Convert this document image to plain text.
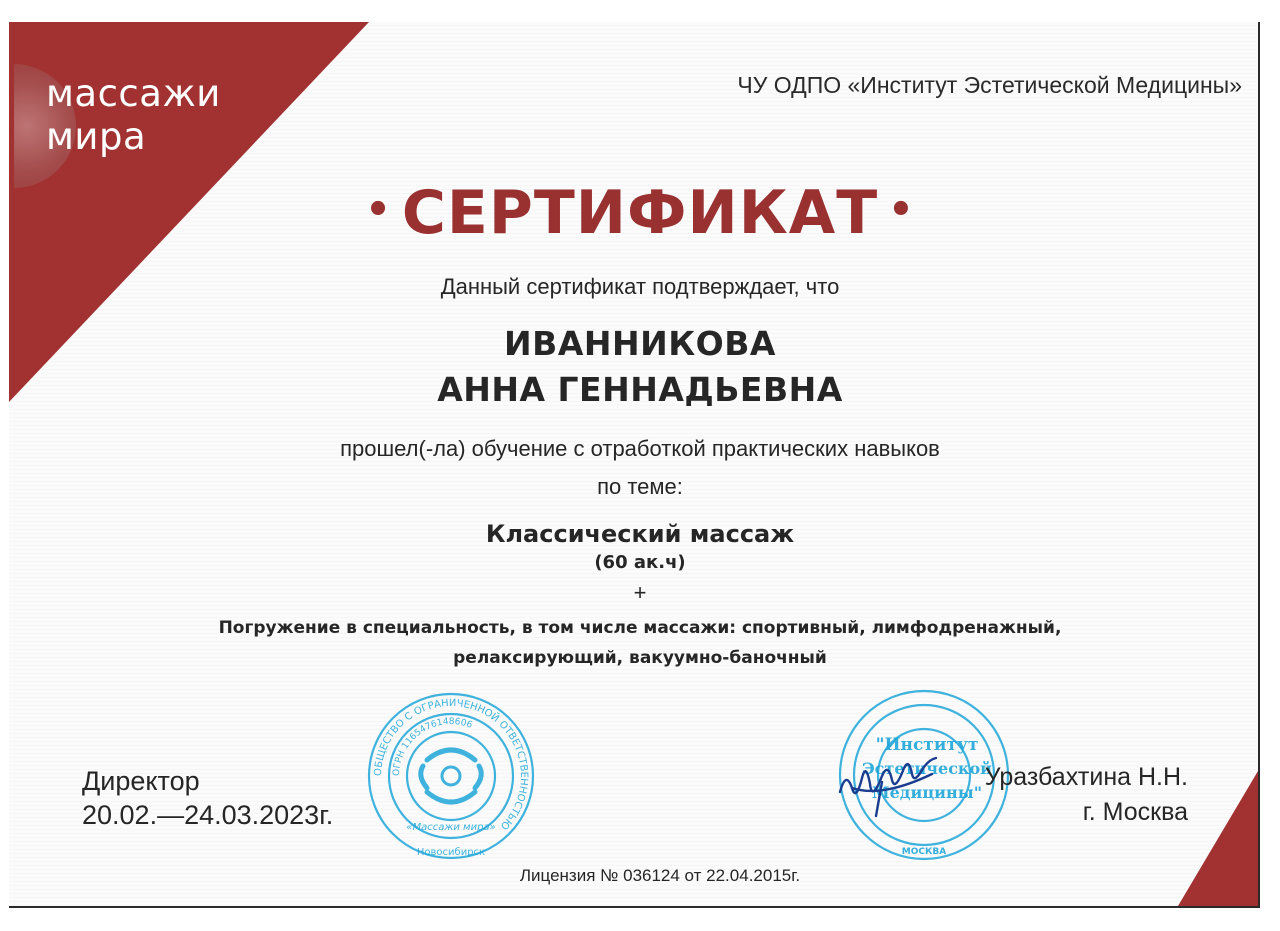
массажи
мира
ЧУ ОДПО «Институт Эстетической Медицины»
• СЕРТИФИКАТ •
Данный сертификат подтверждает, что
ИВАННИКОВА
АННА ГЕННАДЬЕВНА
прошел(-ла) обучение с отработкой практических навыков
по теме:
Классический массаж
(60 ак.ч)
+
Погружение в специальность, в том числе массажи: спортивный, лимфодренажный,
релаксирующий, вакуумно-баночный
Директор
20.02.—24.03.2023г.
ОБЩЕСТВО С ОГРАНИЧЕННОЙ ОТВЕТСТВЕННОСТЬЮ
ОГРН 1165476148606
Новосибирск
«Массажи мира»
"Институт
Эстетической
Медицины"
МОСКВА
Уразбахтина Н.Н.
г. Москва
Лицензия № 036124 от 22.04.2015г.
